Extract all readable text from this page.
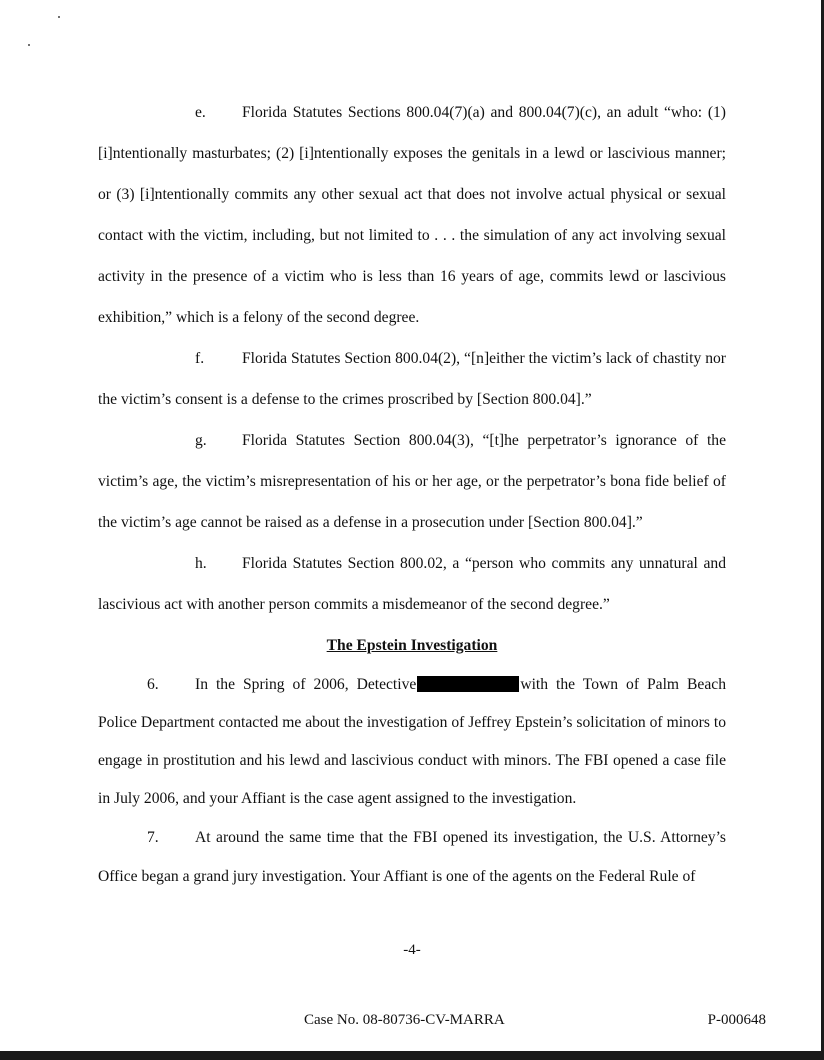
e. Florida Statutes Sections 800.04(7)(a) and 800.04(7)(c), an adult “who: (1) [i]ntentionally masturbates; (2) [i]ntentionally exposes the genitals in a lewd or lascivious manner; or (3) [i]ntentionally commits any other sexual act that does not involve actual physical or sexual contact with the victim, including, but not limited to . . . the simulation of any act involving sexual activity in the presence of a victim who is less than 16 years of age, commits lewd or lascivious exhibition,” which is a felony of the second degree.

f. Florida Statutes Section 800.04(2), “[n]either the victim’s lack of chastity nor the victim’s consent is a defense to the crimes proscribed by [Section 800.04].”

g. Florida Statutes Section 800.04(3), “[t]he perpetrator’s ignorance of the victim’s age, the victim’s misrepresentation of his or her age, or the perpetrator’s bona fide belief of the victim’s age cannot be raised as a defense in a prosecution under [Section 800.04].”

h. Florida Statutes Section 800.02, a “person who commits any unnatural and lascivious act with another person commits a misdemeanor of the second degree.”

The Epstein Investigation

6. In the Spring of 2006, Detective	with the Town of Palm Beach Police Department contacted me about the investigation of Jeffrey Epstein’s solicitation of minors to engage in prostitution and his lewd and lascivious conduct with minors. The FBI opened a case file in July 2006, and your Affiant is the case agent assigned to the investigation.

7. At around the same time that the FBI opened its investigation, the U.S. Attorney’s Office began a grand jury investigation. Your Affiant is one of the agents on the Federal Rule of

-4-
Case No. 08-80736-CV-MARRA	P-000648
